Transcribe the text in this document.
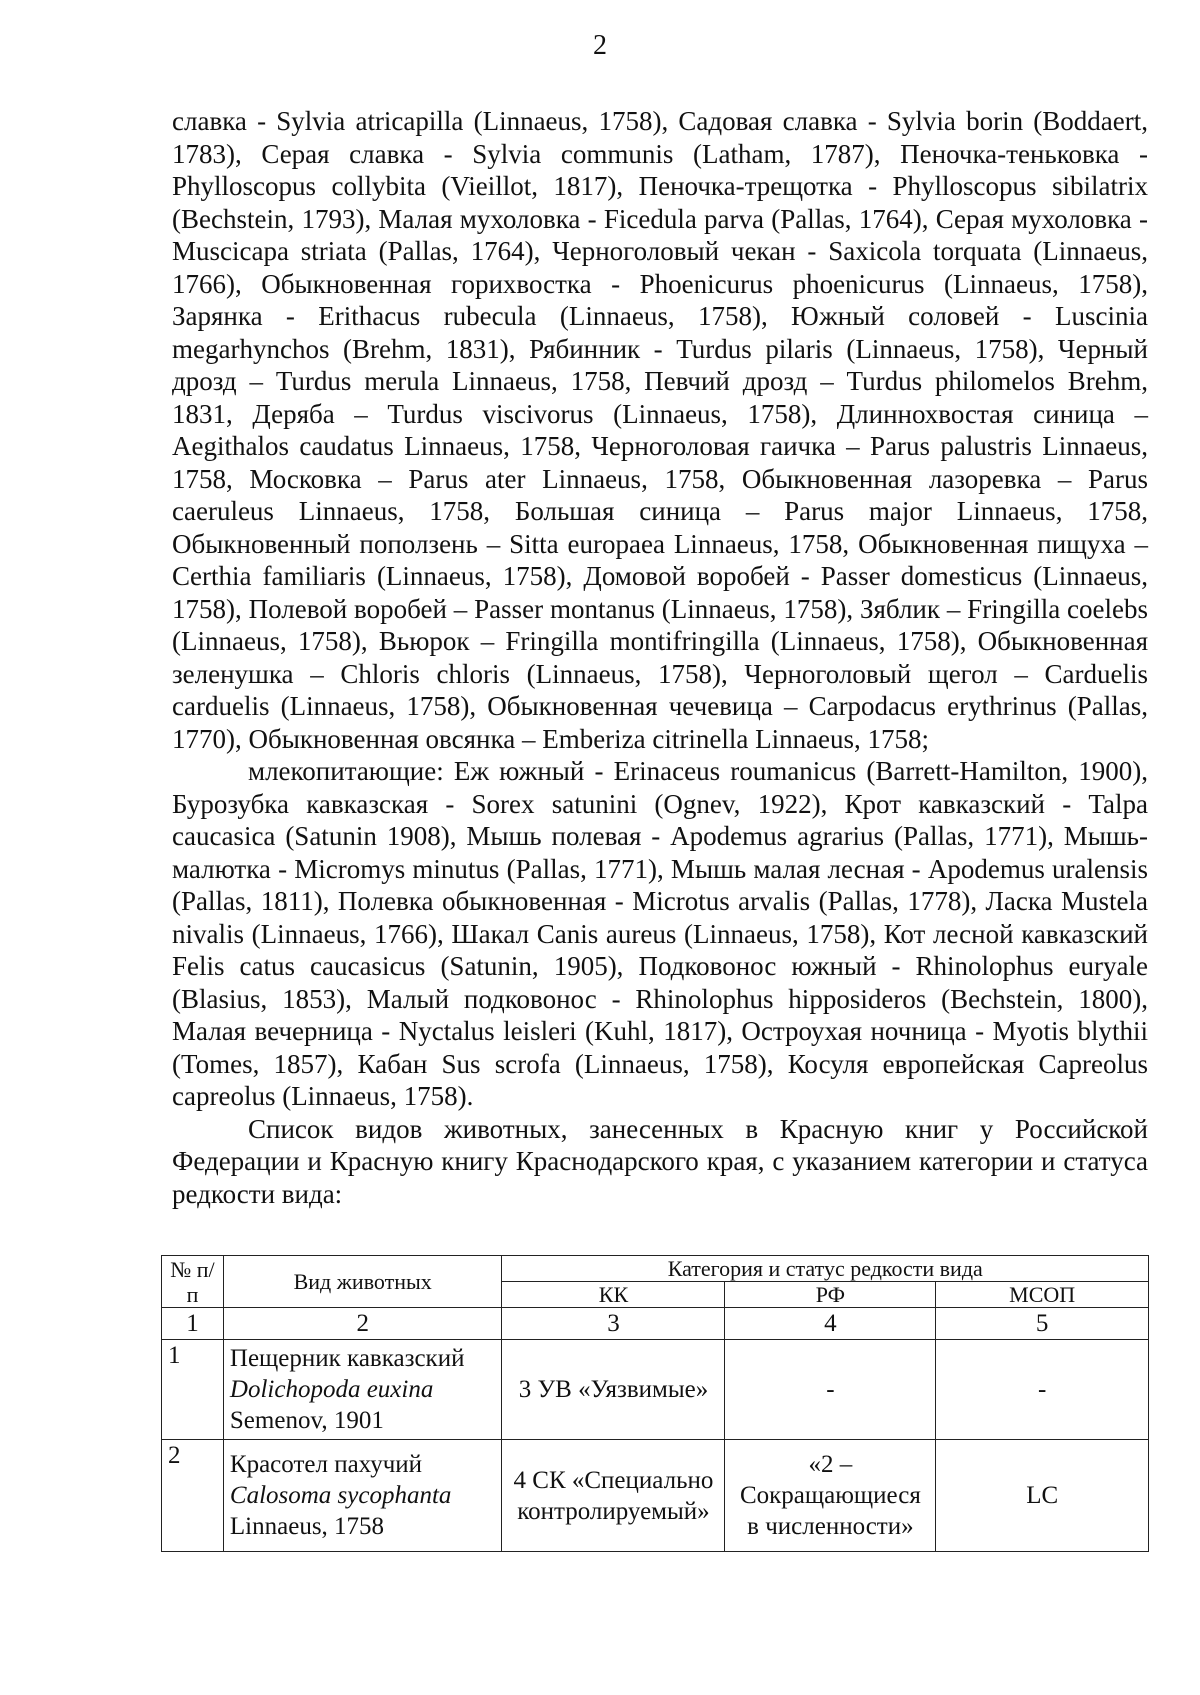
2

славка - Sylvia atricapilla (Linnaeus, 1758), Садовая славка - Sylvia borin (Boddaert, 1783), Серая славка - Sylvia communis (Latham, 1787), Пеночка-теньковка - Phylloscopus collybita (Vieillot, 1817), Пеночка-трещотка - Phylloscopus sibilatrix (Bechstein, 1793), Малая мухоловка - Ficedula parva (Pallas, 1764), Серая мухоловка - Muscicapa striata (Pallas, 1764), Черноголовый чекан - Saxicola torquata (Linnaeus, 1766), Обыкновенная горихвостка - Phoenicurus phoenicurus (Linnaeus, 1758), Зарянка - Erithacus rubecula (Linnaeus, 1758), Южный соловей - Luscinia megarhynchos (Brehm, 1831), Рябинник - Turdus pilaris (Linnaeus, 1758), Черный дрозд – Turdus merula Linnaeus, 1758, Певчий дрозд – Turdus philomelos Brehm, 1831, Деряба – Turdus viscivorus (Linnaeus, 1758), Длиннохвостая синица – Aegithalos caudatus Linnaeus, 1758, Черноголовая гаичка – Parus palustris Linnaeus, 1758, Московка – Parus ater Linnaeus, 1758, Обыкновенная лазоревка – Parus caeruleus Linnaeus, 1758, Большая синица – Parus major Linnaeus, 1758, Обыкновенный поползень – Sitta europaea Linnaeus, 1758, Обыкновенная пищуха – Certhia familiaris (Linnaeus, 1758), Домовой воробей - Passer domesticus (Linnaeus, 1758), Полевой воробей – Passer montanus (Linnaeus, 1758), Зяблик – Fringilla coelebs (Linnaeus, 1758), Вьюрок – Fringilla montifringilla (Linnaeus, 1758), Обыкновенная зеленушка – Chloris chloris (Linnaeus, 1758), Черноголовый щегол – Carduelis carduelis (Linnaeus, 1758), Обыкновенная чечевица – Carpodacus erythrinus (Pallas, 1770), Обыкновенная овсянка – Emberiza citrinella Linnaeus, 1758;

млекопитающие: Еж южный - Erinaceus roumanicus (Barrett-Hamilton, 1900), Бурозубка кавказская - Sorex satunini (Ognev, 1922), Крот кавказский - Talpa caucasica (Satunin 1908), Мышь полевая - Apodemus agrarius (Pallas, 1771), Мышь-малютка - Micromys minutus (Pallas, 1771), Мышь малая лесная - Apodemus uralensis (Pallas, 1811), Полевка обыкновенная - Microtus arvalis (Pallas, 1778), Ласка Mustela nivalis (Linnaeus, 1766), Шакал Canis aureus (Linnaeus, 1758), Кот лесной кавказский Felis catus caucasicus (Satunin, 1905), Подковонос южный - Rhinolophus euryale (Blasius, 1853), Малый подковонос - Rhinolophus hipposideros (Bechstein, 1800), Малая вечерница - Nyctalus leisleri (Kuhl, 1817), Остроухая ночница - Myotis blythii (Tomes, 1857), Кабан Sus scrofa (Linnaeus, 1758), Косуля европейская Capreolus capreolus (Linnaeus, 1758).

Список видов животных, занесенных в Красную книг у Российской Федерации и Красную книгу Краснодарского края, с указанием категории и статуса редкости вида:

№ п/п	Вид животных	Категория и статус редкости вида		
		КК	РФ	МСОП
1	2	3	4	5
1	Пещерник кавказский
Dolichopoda euxina
Semenov, 1901	3 УВ «Уязвимые»	-	-
2	Красотел пахучий
Calosoma sycophanta
Linnaeus, 1758	4 СК «Специально контролируемый»	«2 – Сокращающиеся в численности»	LC
